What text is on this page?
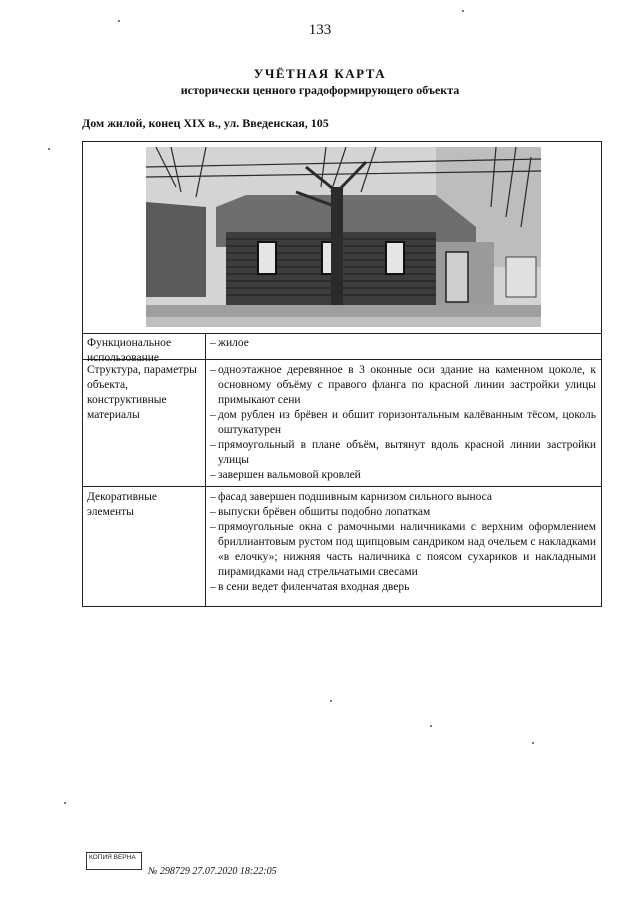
133
УЧЁТНАЯ КАРТА
исторически ценного градоформирующего объекта
Дом жилой, конец XIX в., ул. Введенская, 105
Функциональное использование
– жилое
Структура, параметры объекта, конструктивные материалы
– одноэтажное деревянное в 3 оконные оси здание на каменном цоколе, к основному объёму с правого фланга по красной линии застройки улицы примыкают сени
– дом рублен из брёвен и обшит горизонтальным калёванным тёсом, цоколь оштукатурен
– прямоугольный в плане объём, вытянут вдоль красной линии застройки улицы
– завершен вальмовой кровлей
Декоративные элементы
– фасад завершен подшивным карнизом сильного выноса
– выпуски брёвен обшиты подобно лопаткам
– прямоугольные окна с рамочными наличниками с верхним оформлением бриллиантовым рустом под щипцовым сандриком над очельем с накладками «в елочку»; нижняя часть наличника с поясом сухариков и накладными пирамидками над стрельчатыми свесами
– в сени ведет филенчатая входная дверь
КОПИЯ ВЕРНА
№ 298729 27.07.2020 18:22:05
